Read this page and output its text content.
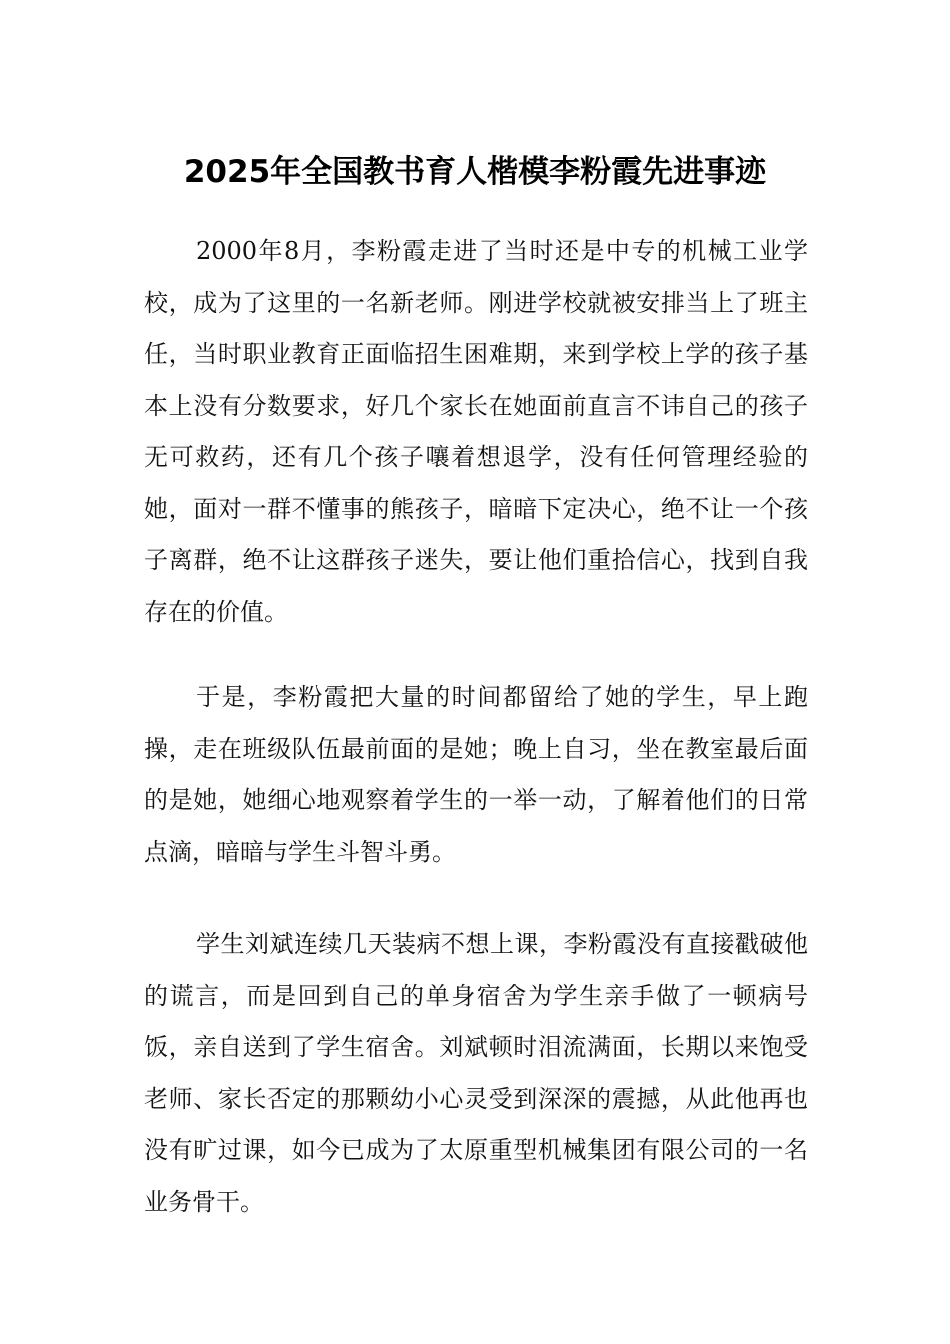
2025年全国教书育人楷模李粉霞先进事迹

2000年8月，李粉霞走进了当时还是中专的机械工业学校，成为了这里的一名新老师。刚进学校就被安排当上了班主任，当时职业教育正面临招生困难期，来到学校上学的孩子基本上没有分数要求，好几个家长在她面前直言不讳自己的孩子无可救药，还有几个孩子嚷着想退学，没有任何管理经验的她，面对一群不懂事的熊孩子，暗暗下定决心，绝不让一个孩子离群，绝不让这群孩子迷失，要让他们重拾信心，找到自我存在的价值。

于是，李粉霞把大量的时间都留给了她的学生，早上跑操，走在班级队伍最前面的是她；晚上自习，坐在教室最后面的是她，她细心地观察着学生的一举一动，了解着他们的日常点滴，暗暗与学生斗智斗勇。

学生刘斌连续几天装病不想上课，李粉霞没有直接戳破他的谎言，而是回到自己的单身宿舍为学生亲手做了一顿病号饭，亲自送到了学生宿舍。刘斌顿时泪流满面，长期以来饱受老师、家长否定的那颗幼小心灵受到深深的震撼，从此他再也没有旷过课，如今已成为了太原重型机械集团有限公司的一名业务骨干。
